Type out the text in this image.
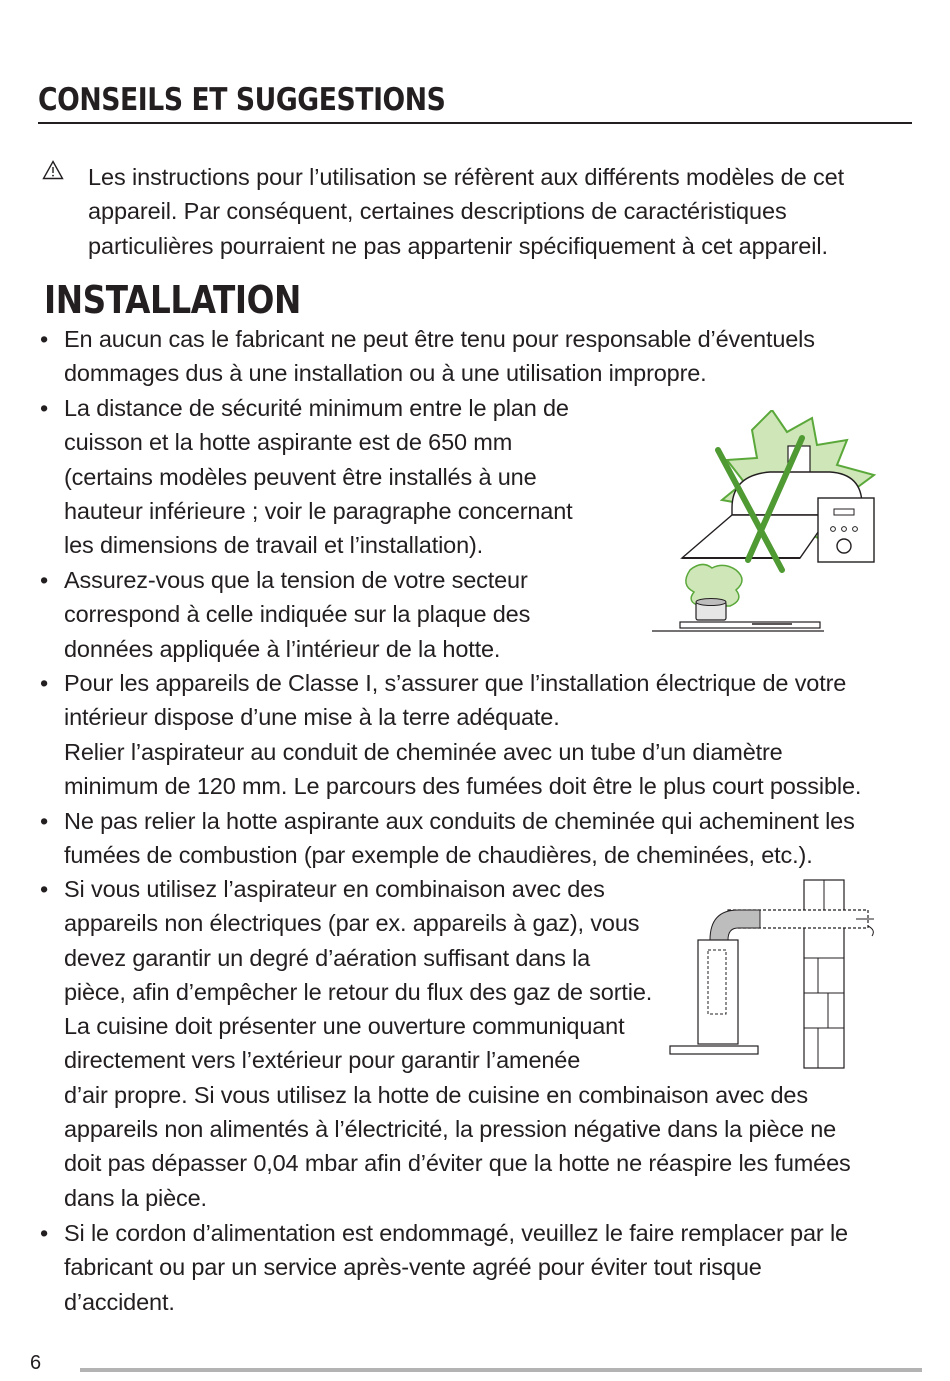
CONSEILS ET SUGGESTIONS
Les instructions pour l’utilisation se réfèrent aux différents modèles de cet
appareil. Par conséquent, certaines descriptions de caractéristiques
particulières pourraient ne pas appartenir spécifiquement à cet appareil.
INSTALLATION
• En aucun cas le fabricant ne peut être tenu pour responsable d’éventuels
dommages dus à une installation ou à une utilisation impropre.
• La distance de sécurité minimum entre le plan de
cuisson et la hotte aspirante est de 650 mm
(certains modèles peuvent être installés à une
hauteur inférieure ; voir le paragraphe concernant
les dimensions de travail et l’installation).
• Assurez-vous que la tension de votre secteur
correspond à celle indiquée sur la plaque des
données appliquée à l’intérieur de la hotte.
• Pour les appareils de Classe I, s’assurer que l’installation électrique de votre
intérieur dispose d’une mise à la terre adéquate.
Relier l’aspirateur au conduit de cheminée avec un tube d’un diamètre
minimum de 120 mm. Le parcours des fumées doit être le plus court possible.
• Ne pas relier la hotte aspirante aux conduits de cheminée qui acheminent les
fumées de combustion (par exemple de chaudières, de cheminées, etc.).
• Si vous utilisez l’aspirateur en combinaison avec des
appareils non électriques (par ex. appareils à gaz), vous
devez garantir un degré d’aération suffisant dans la
pièce, afin d’empêcher le retour du flux des gaz de sortie.
La cuisine doit présenter une ouverture communiquant
directement vers l’extérieur pour garantir l’amenée
d’air propre. Si vous utilisez la hotte de cuisine en combinaison avec des
appareils non alimentés à l’électricité, la pression négative dans la pièce ne
doit pas dépasser 0,04 mbar afin d’éviter que la hotte ne réaspire les fumées
dans la pièce.
• Si le cordon d’alimentation est endommagé, veuillez le faire remplacer par le
fabricant ou par un service après-vente agréé pour éviter tout risque
d’accident.
6
